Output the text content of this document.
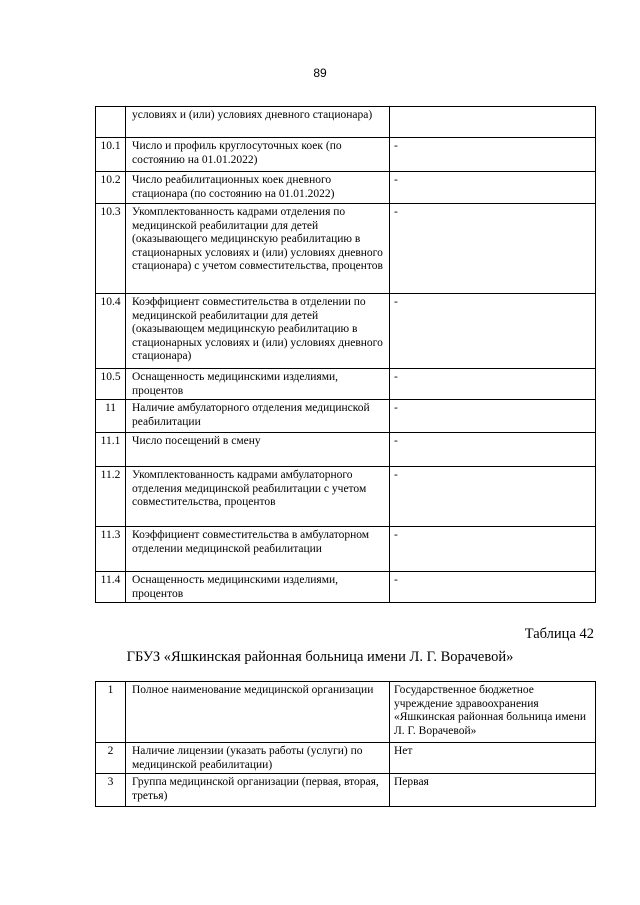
89
	условиях и (или) условиях дневного стационара)	
10.1	Число и профиль круглосуточных коек (по состоянию на 01.01.2022)	-
10.2	Число реабилитационных коек дневного стационара (по состоянию на 01.01.2022)	-
10.3	Укомплектованность кадрами отделения по медицинской реабилитации для детей (оказывающего медицинскую реабилитацию в стационарных условиях и (или) условиях дневного стационара) с учетом совместительства, процентов	-
10.4	Коэффициент совместительства в отделении по медицинской реабилитации для детей (оказывающем медицинскую реабилитацию в стационарных условиях и (или) условиях дневного стационара)	-
10.5	Оснащенность медицинскими изделиями, процентов	-
11	Наличие амбулаторного отделения медицинской реабилитации	-
11.1	Число посещений в смену	-
11.2	Укомплектованность кадрами амбулаторного отделения медицинской реабилитации с учетом совместительства, процентов	-
11.3	Коэффициент совместительства в амбулаторном отделении медицинской реабилитации	-
11.4	Оснащенность медицинскими изделиями, процентов	-
Таблица 42
ГБУЗ «Яшкинская районная больница имени Л. Г. Ворачевой»
1	Полное наименование медицинской организации	Государственное бюджетное учреждение здравоохранения «Яшкинская районная больница имени Л. Г. Ворачевой»
2	Наличие лицензии (указать работы (услуги) по медицинской реабилитации)	Нет
3	Группа медицинской организации (первая, вторая, третья)	Первая
